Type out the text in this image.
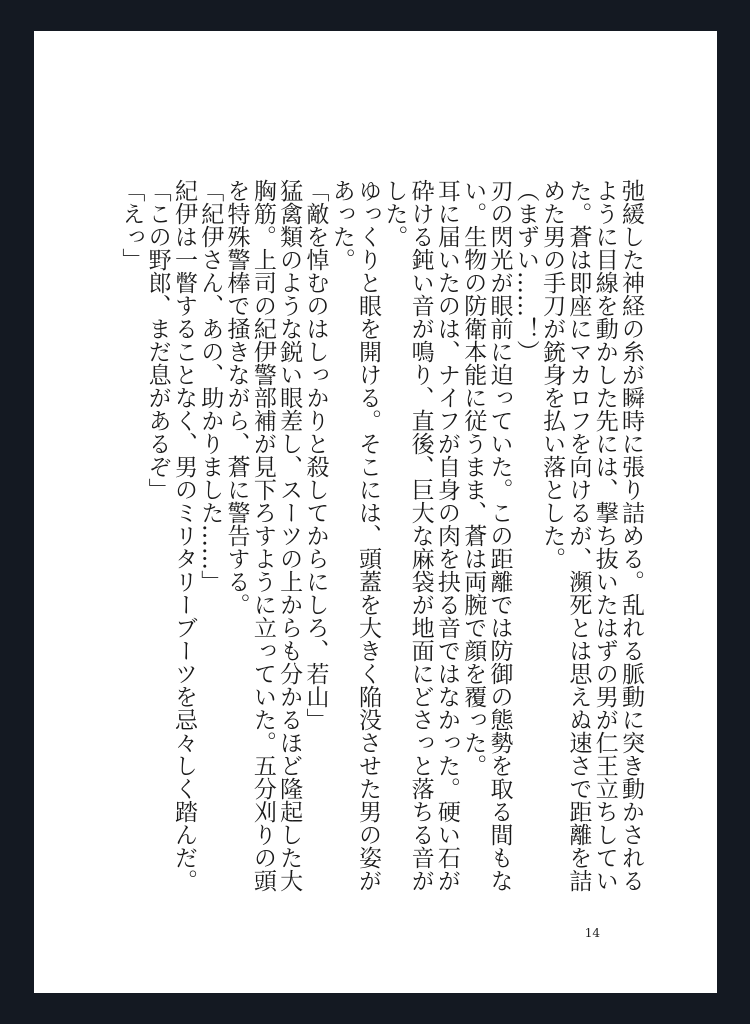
弛緩した神経の糸が瞬時に張り詰める。乱れる脈動に突き動かされるように目線を動かした先には、撃ち抜いたはずの男が仁王立ちしていた。蒼は即座にマカロフを向けるが、瀕死とは思えぬ速さで距離を詰めた男の手刀が銃身を払い落とした。

（まずい……！）

刃の閃光が眼前に迫っていた。この距離では防御の態勢を取る間もない。生物の防衛本能に従うまま、蒼は両腕で顔を覆った。

耳に届いたのは、ナイフが自身の肉を抉る音ではなかった。硬い石が砕ける鈍い音が鳴り、直後、巨大な麻袋が地面にどさっと落ちる音がした。

ゆっくりと眼を開ける。そこには、頭蓋を大きく陥没させた男の姿があった。

「敵を悼むのはしっかりと殺してからにしろ、若山」

猛禽類のような鋭い眼差し、スーツの上からも分かるほど隆起した大胸筋。上司の紀伊警部補が見下ろすように立っていた。五分刈りの頭を特殊警棒で掻きながら、蒼に警告する。

「紀伊さん、あの、助かりました……」

紀伊は一瞥することなく、男のミリタリーブーツを忌々しく踏んだ。

「この野郎、まだ息があるぞ」

「えっ」

14
